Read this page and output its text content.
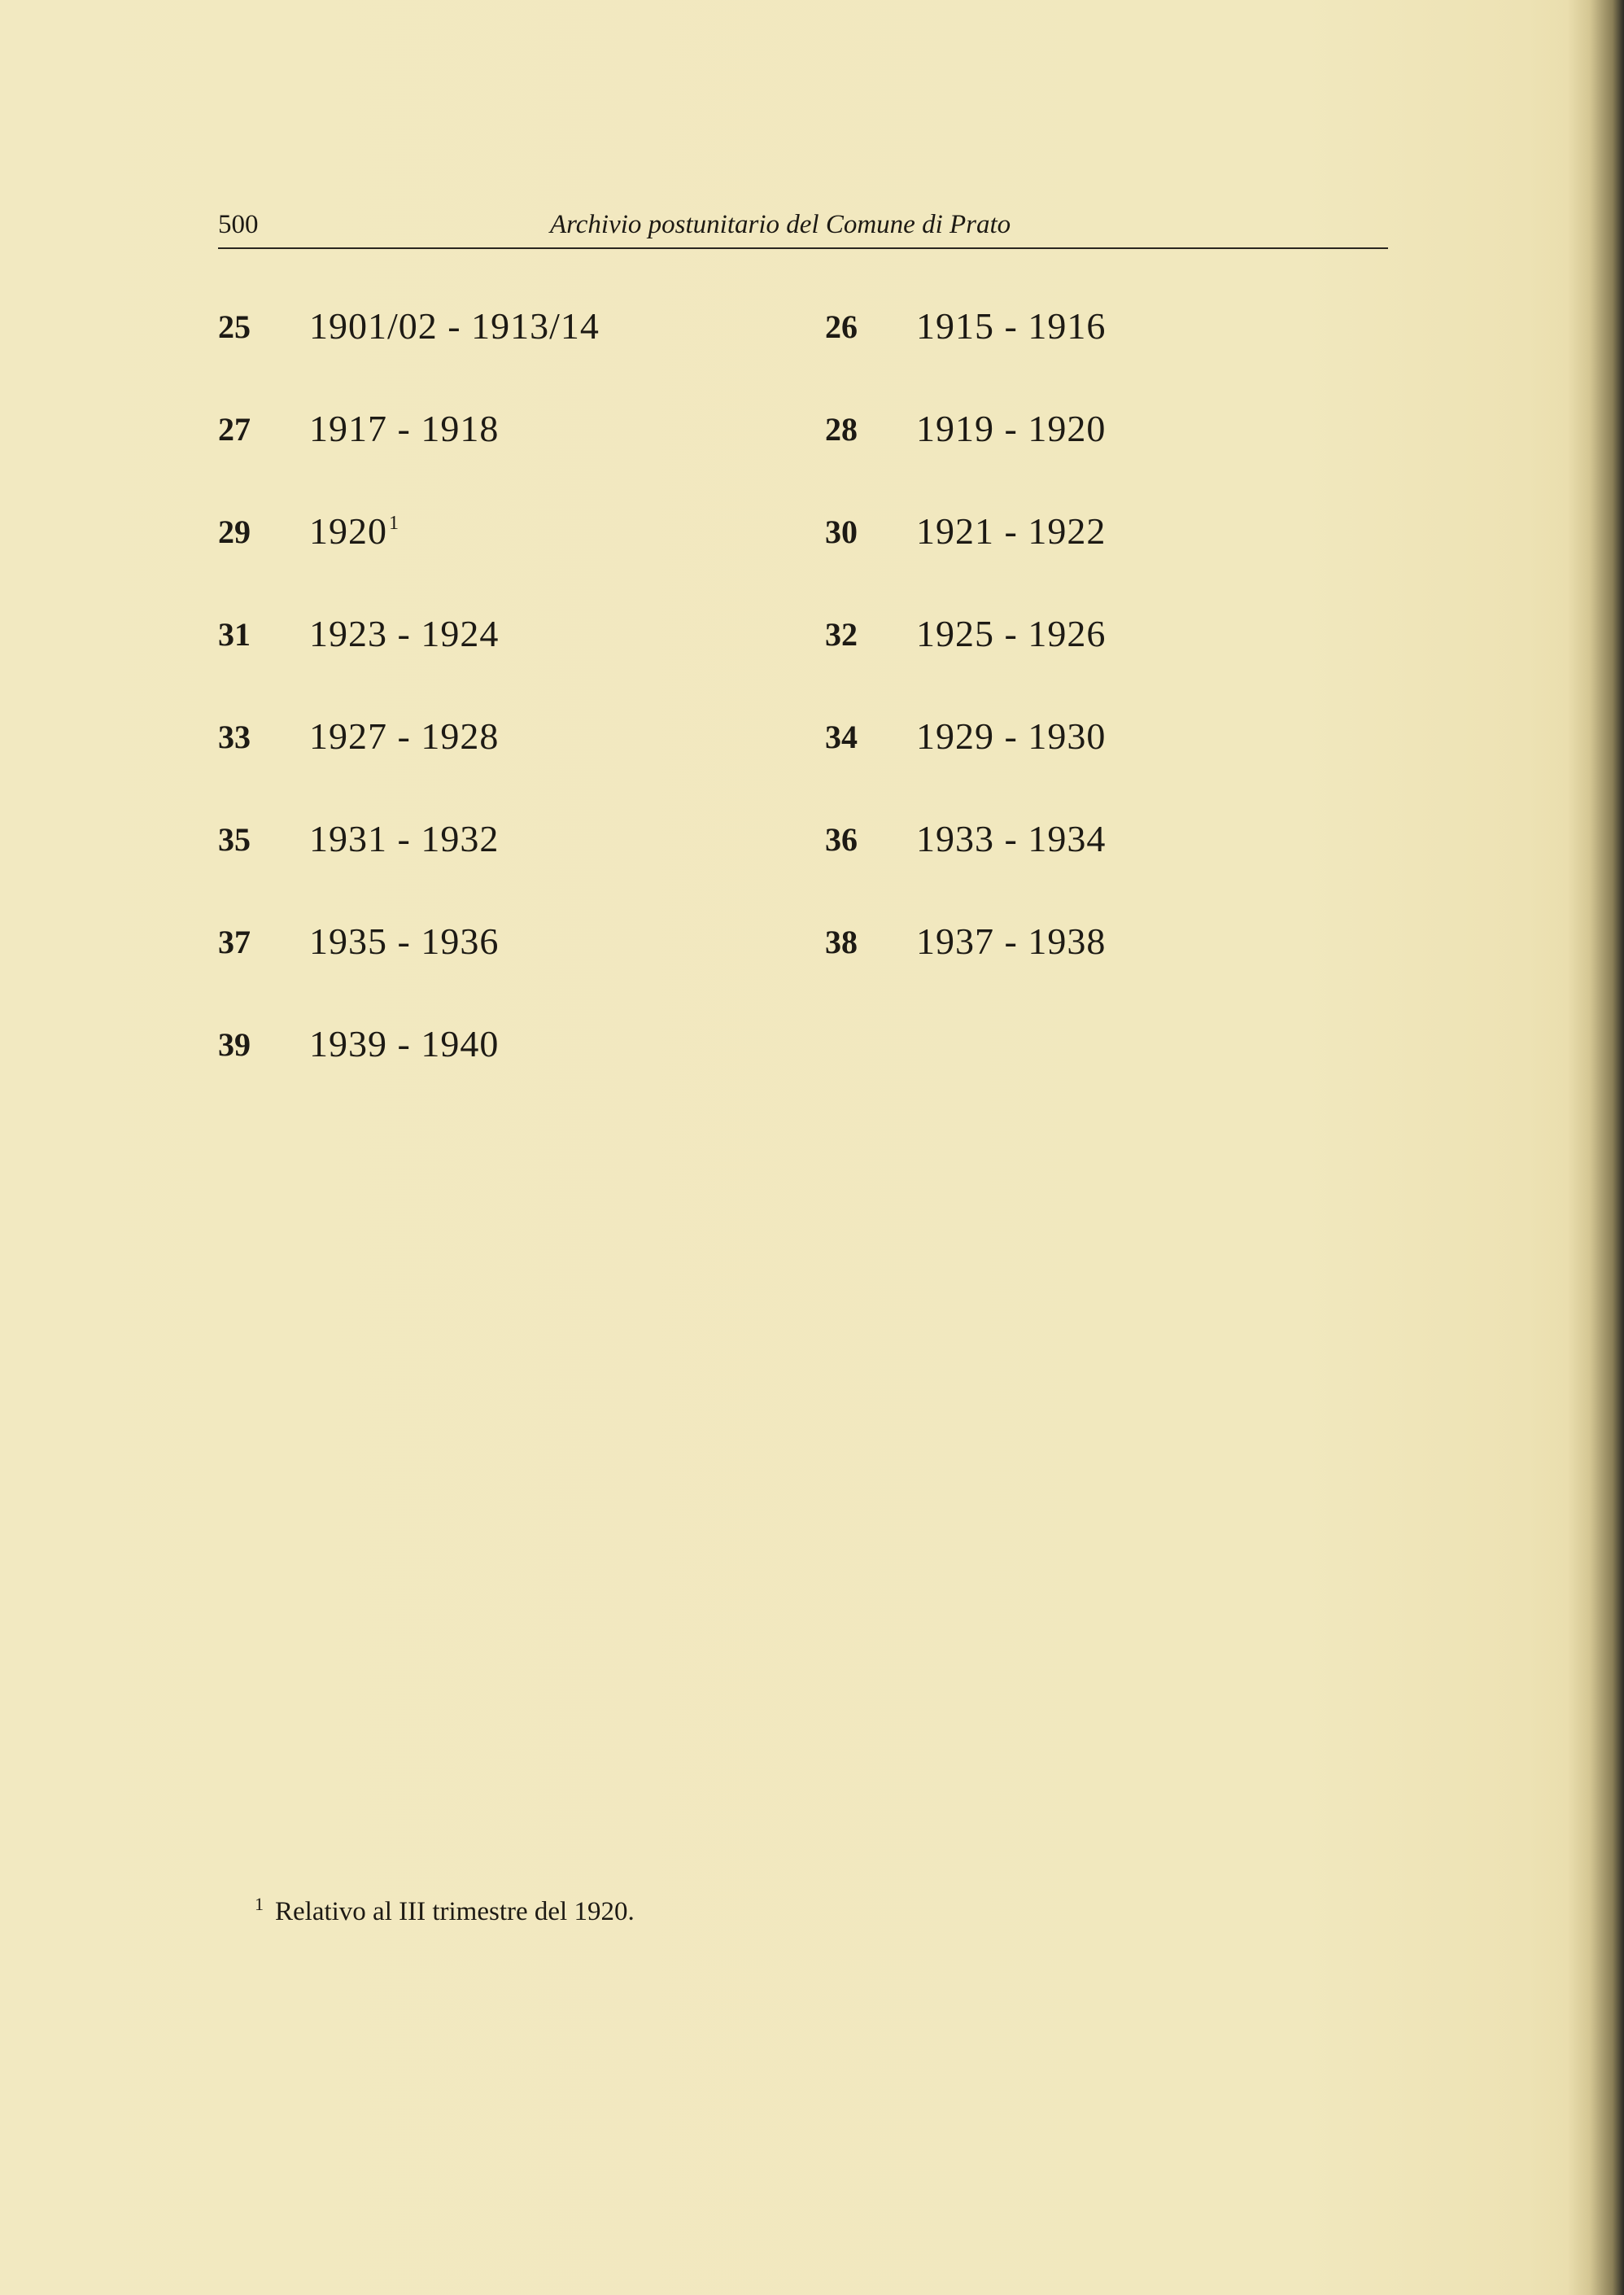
500	Archivio postunitario del Comune di Prato
25 1901/02 - 1913/14	26 1915 - 1916
27 1917 - 1918	28 1919 - 1920
29 1920$^1$	30 1921 - 1922
31 1923 - 1924	32 1925 - 1926
33 1927 - 1928	34 1929 - 1930
35 1931 - 1932	36 1933 - 1934
37 1935 - 1936	38 1937 - 1938
39 1939 - 1940
$^1$ Relativo al III trimestre del 1920.
